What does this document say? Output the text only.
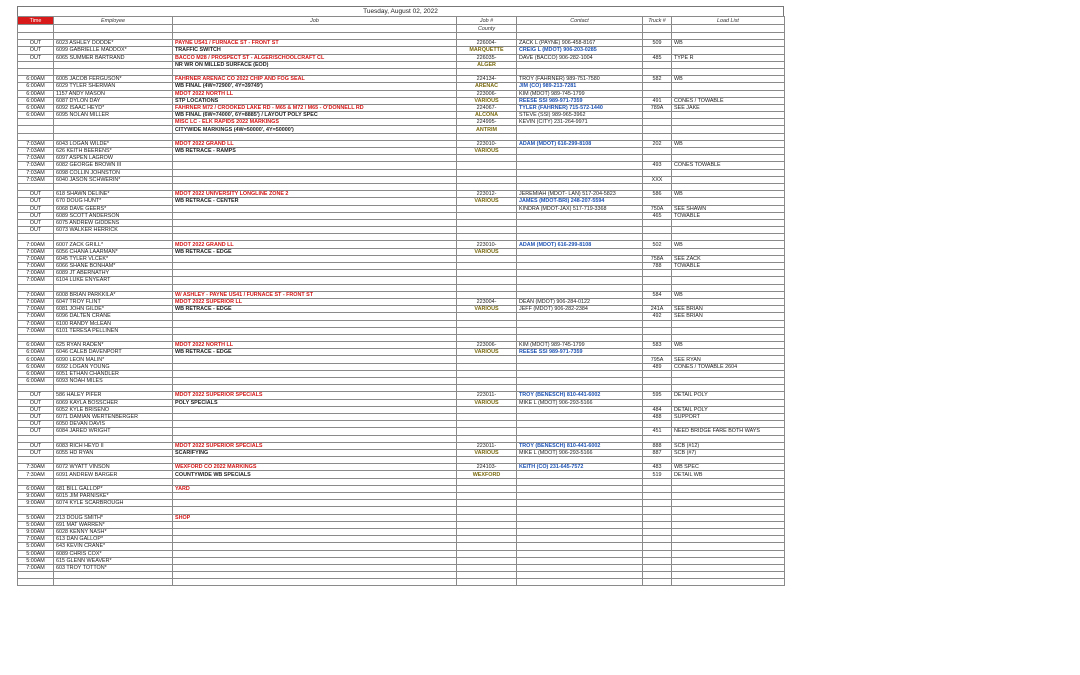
Tuesday, August 02, 2022
Time	Employee	Job	Job #	Contact	Truck #	Load List
			County			

OUT	6023 ASHLEY DODDE*	PAYNE US41 / FURNACE ST - FRONT ST	226004-	ZACK L (PAYNE) 906-458-8167	509	WB
OUT	6099 GABRIELLE MADDOX*	TRAFFIC SWITCH	MARQUETTE	CREIG L (MDOT) 906-203-0285		
OUT	6065 SUMMER BARTRAND	BACCO M28 / PROSPECT ST - ALGER/SCHOOLCRAFT CL	226035-	DAVE (BACCO) 906-282-1004	485	TYPE R
		NR WR ON MILLED SURFACE (EOD)	ALGER			

6:00AM	6005 JACOB FERGUSON*	FAHRNER ARENAC CO 2022 CHIP AND FOG SEAL	224134-	TROY (FAHRNER) 989-751-7580	582	WB
6:00AM	6029 TYLER SHERMAN	WB FINAL (4W=72900', 4Y=39749')	ARENAC	JIM (CO) 989-213-7281		
6:00AM	1157 ANDY MASON	MDOT 2022 NORTH LL	223006-	KIM (MDOT) 989-745-1799		
6:00AM	6087 DYLON DAY	STP LOCATIONS	VARIOUS	REESE SSI 989-971-7359	491	CONES / TOWABLE
6:00AM	6092 ISAAC HEYD*	FAHRNER M72 / CROOKED LAKE RD - M65 & M72 / M65 - O'DONNELL RD	224067-	TYLER (FAHRNER) 715-572-1440	789A	SEE JAKE
6:00AM	6095 NOLAN MILLER	WB FINAL (6W=74000', 6Y=8885') / LAYOUT POLY SPEC	ALCONA	STEVE (SSI) 989-965-3962		
		MISC LC - ELK RAPIDS 2022 MARKINGS	224995-	KEVIN (CITY) 231-264-9971		
		CITYWIDE MARKINGS (4W=50000', 4Y=50000')	ANTRIM			

7:03AM	6043 LOGAN WILDE*	MDOT 2022 GRAND LL	223010-	ADAM (MDOT) 616-299-8108	202	WB
7:03AM	626 KEITH BEERENS*	WB RETRACE - RAMPS	VARIOUS			
7:03AM	6097 ASPEN LAGROW					
7:03AM	6082 GEORGE BROWN III				493	CONES TOWABLE
7:03AM	6098 COLLIN JOHNSTON					
7:03AM	6040 JASON SCHWERIN*				XXX	

OUT	618 SHAWN DELINE*	MDOT 2022 UNIVERSITY LONGLINE ZONE 2	223012-	JEREMIAH (MDOT- LAN) 517-204-5823	586	WB
OUT	670 DOUG HUNT*	WB RETRACE - CENTER	VARIOUS	JAMES (MDOT-BRI) 248-207-5594		
OUT	6068 DAVE GEERS*			KINDRA (MDOT-JAX) 517-719-3368	750A	SEE SHAWN
OUT	6089 SCOTT ANDERSON				465	TOWABLE
OUT	6075 ANDREW GIDDENS					
OUT	6073 WALKER HERRICK					

7:00AM	6007 ZACK GRILL*	MDOT 2022 GRAND LL	223010-	ADAM (MDOT) 616-299-8108	502	WB
7:00AM	6056 CHANA LAARMAN*	WB RETRACE - EDGE	VARIOUS			
7:00AM	6045 TYLER VLCEK*				758A	SEE ZACK
7:00AM	6066 SHANE BONHAM*				788	TOWABLE
7:00AM	6089 JT ABERNATHY					
7:00AM	6104 LUKE ENYEART					

7:00AM	6008 BRIAN PARKKILA*	W/ ASHLEY - PAYNE US41 / FURNACE ST - FRONT ST			584	WB
7:00AM	6047 TROY FLINT	MDOT 2022 SUPERIOR LL	223004-	DEAN (MDOT) 906-284-0122		
7:00AM	6081 JOHN GILDE*	WB RETRACE - EDGE	VARIOUS	JEFF (MDOT) 906-282-2384	241A	SEE BRIAN
7:00AM	6096 DALTEN CRANE				492	SEE BRIAN
7:00AM	6100 RANDY McLEAN					
7:00AM	6101 TERESA PELLINEN					

6:00AM	625 RYAN RADEN*	MDOT 2022 NORTH LL	223006-	KIM (MDOT) 989-745-1799	583	WB
6:00AM	6046 CALEB DAVENPORT	WB RETRACE - EDGE	VARIOUS	REESE SSI 989-971-7359		
6:00AM	6090 LEON MALIN*				795A	SEE RYAN
6:00AM	6092 LOGAN YOUNG				489	CONES / TOWABLE 2604
6:00AM	6051 ETHAN CHANDLER					
6:00AM	6093 NOAH MILES					

OUT	586 HALEY PIFER	MDOT 2022 SUPERIOR SPECIALS	223011-	TROY (BENESCH) 810-441-6002	595	DETAIL POLY
OUT	6069 KAYLA BOSSCHER	POLY SPECIALS	VARIOUS	MIKE L (MDOT) 906-293-5166		
OUT	6052 KYLE BRISENO				484	DETAIL POLY
OUT	6071 DAMIAN WERTENBERGER				488	SUPPORT
OUT	6050 DEVAN DAVIS					
OUT	6084 JARED WRIGHT				451	NEED BRIDGE FARE BOTH WAYS

OUT	6083 RICH HEYD II	MDOT 2022 SUPERIOR SPECIALS	223011-	TROY (BENESCH) 810-441-6002	888	SCB (#12)
OUT	6055 HD RYAN	SCARIFYING	VARIOUS	MIKE L (MDOT) 906-293-5166	887	SCB (#7)

7:30AM	6072 WYATT VINSON	WEXFORD CO 2022 MARKINGS	224103-	KEITH (CO) 231-645-7572	483	WB SPEC
7:30AM	6091 ANDREW BARGER	COUNTYWIDE WB SPECIALS	WEXFORD		519	DETAIL WB

6:00AM	681 BILL GALLOP*	YARD				
9:00AM	6015 JIM PARNISKE*					
9:00AM	6074 KYLE SCARBROUGH					

5:00AM	213 DOUG SMITH*	SHOP				
5:00AM	691 MAT WARREN*					
9:00AM	6028 KENNY NASH*					
7:00AM	613 DAN GALLOP*					
5:00AM	643 KEVIN CRANE*					
5:00AM	6089 CHRIS COX*					
5:00AM	615 GLENN WEAVER*					
7:00AM	603 TROY TOTTON*					
